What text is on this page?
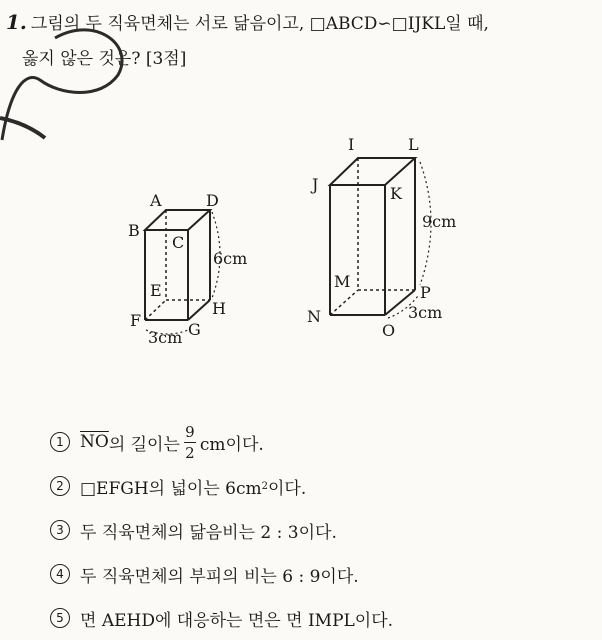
1. 그림의 두 직육면체는 서로 닮음이고, □ABCD∽□IJKL일 때,
옳지 않은 것은? [3점]
A	D
B
C
E
H
F	G
6cm
3cm
I	L
J	K
M
P
N
O
9cm
3cm
1 $\overline{NO}$ 의 길이는 $\frac{9}{2}$ cm이다.
2 □EFGH의 넓이는 6cm 2 이다.
3 두 직육면체의 닮음비는 2 : 3이다.
4 두 직육면체의 부피의 비는 6 : 9이다.
5 면 AEHD에 대응하는 면은 면 IMPL이다.
